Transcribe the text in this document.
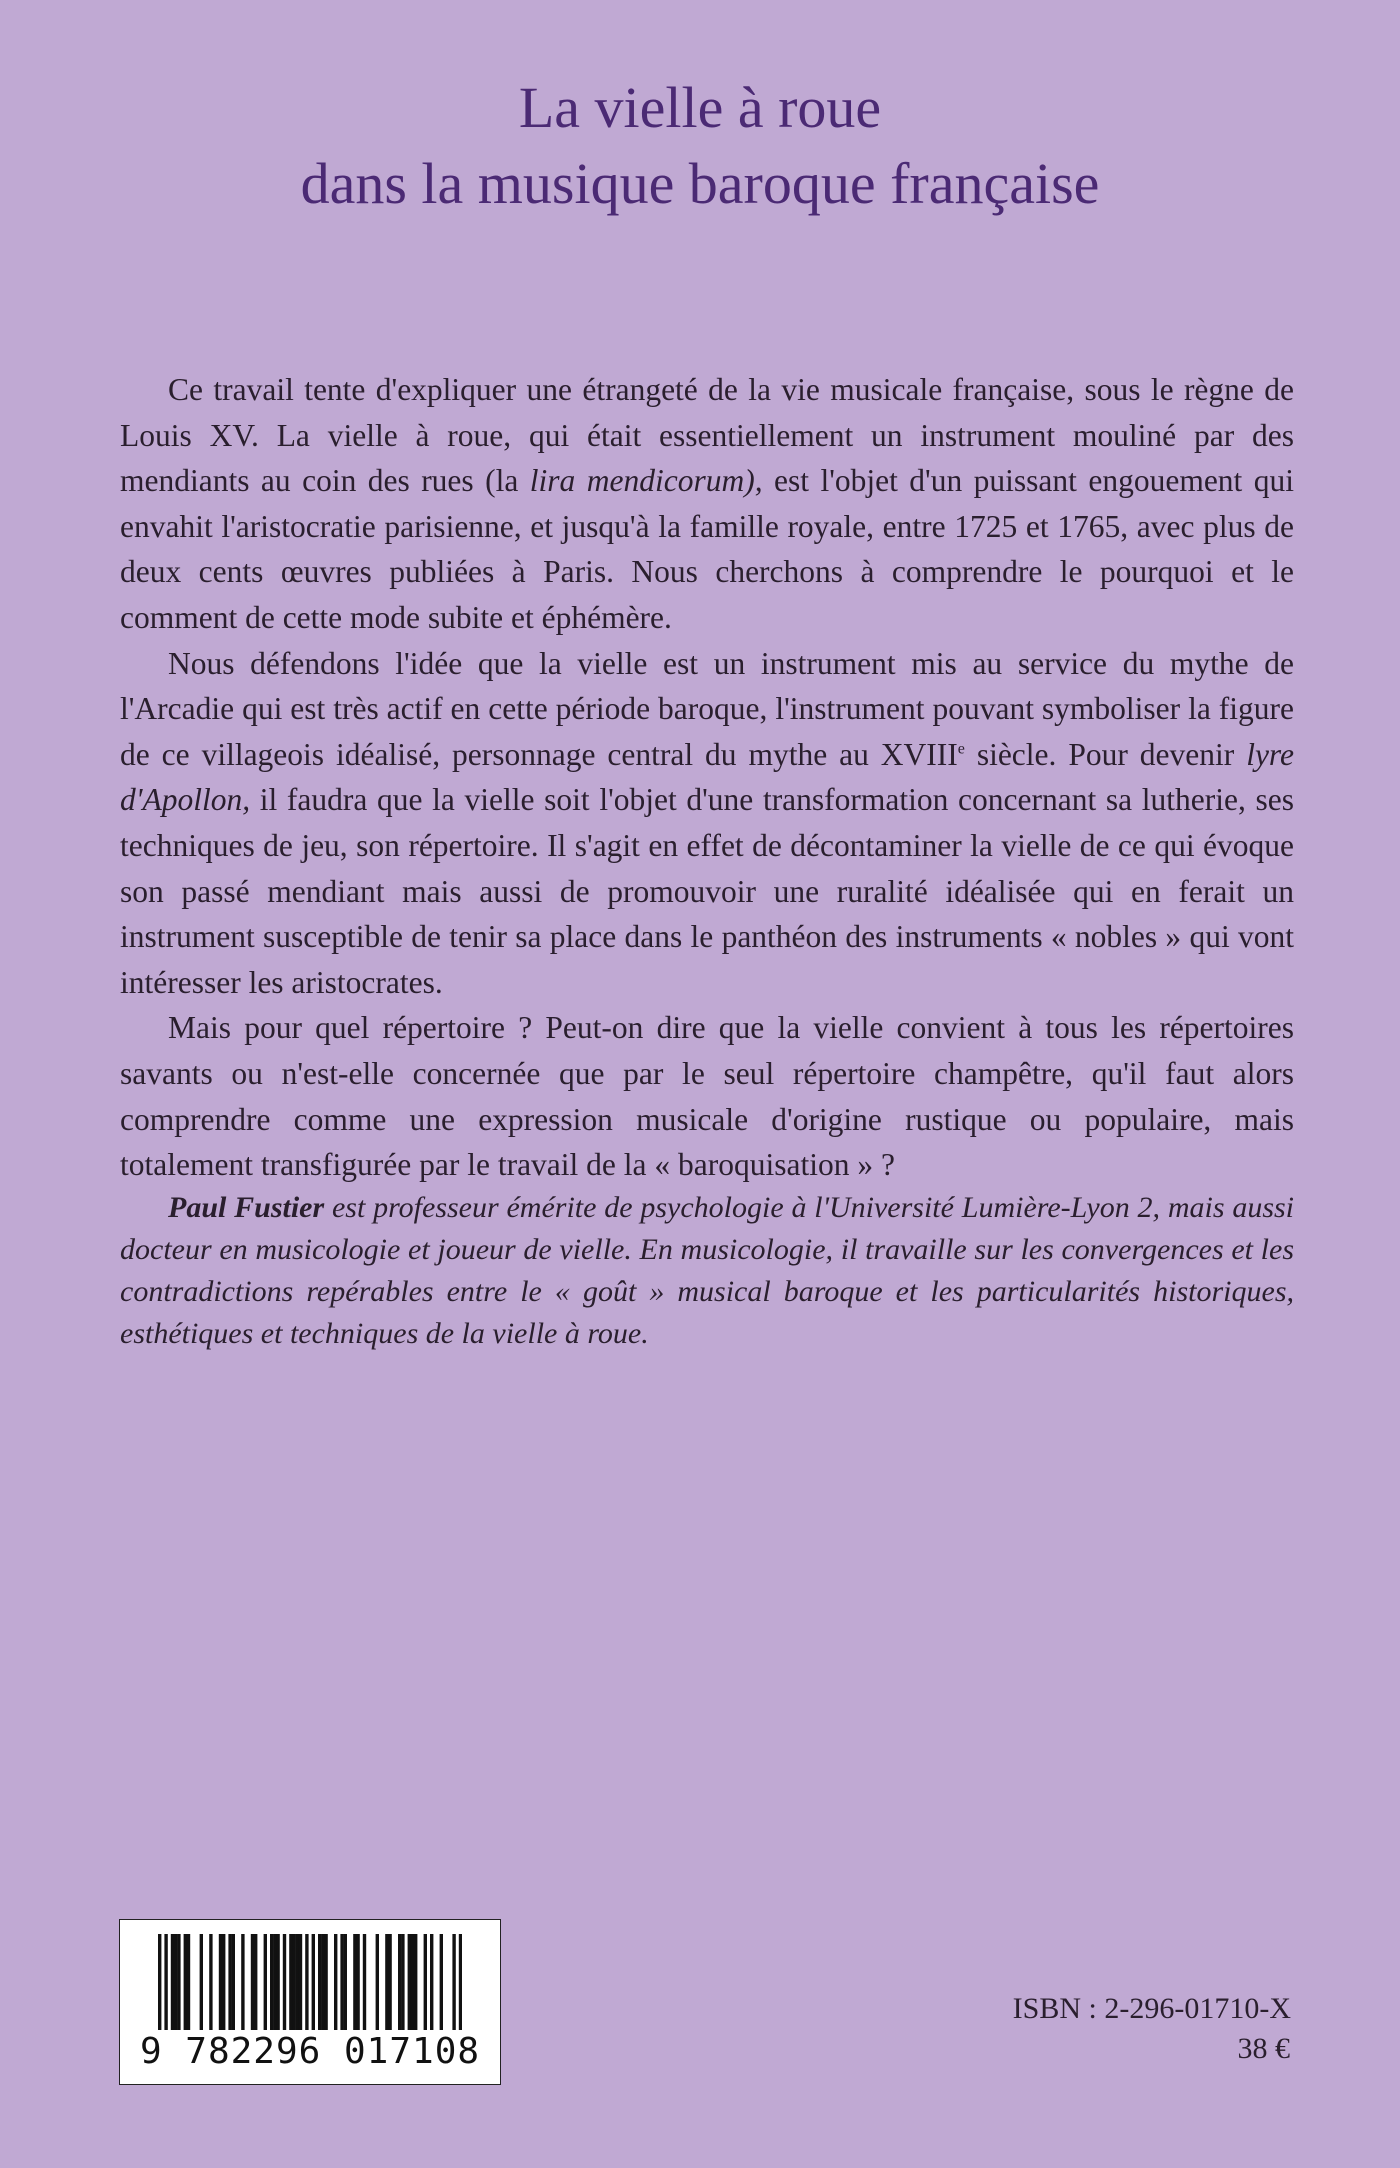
La vielle à roue
dans la musique baroque française

Ce travail tente d'expliquer une étrangeté de la vie musicale française, sous le règne de Louis XV. La vielle à roue, qui était essentiellement un instrument mouliné par des mendiants au coin des rues (la lira mendicorum), est l'objet d'un puissant engouement qui envahit l'aristocratie parisienne, et jusqu'à la famille royale, entre 1725 et 1765, avec plus de deux cents œuvres publiées à Paris. Nous cherchons à comprendre le pourquoi et le comment de cette mode subite et éphémère.

Nous défendons l'idée que la vielle est un instrument mis au service du mythe de l'Arcadie qui est très actif en cette période baroque, l'instrument pouvant symboliser la figure de ce villageois idéalisé, personnage central du mythe au XVIIIe siècle. Pour devenir lyre d'Apollon, il faudra que la vielle soit l'objet d'une transformation concernant sa lutherie, ses techniques de jeu, son répertoire. Il s'agit en effet de décontaminer la vielle de ce qui évoque son passé mendiant mais aussi de promouvoir une ruralité idéalisée qui en ferait un instrument susceptible de tenir sa place dans le panthéon des instruments « nobles » qui vont intéresser les aristocrates.

Mais pour quel répertoire ? Peut-on dire que la vielle convient à tous les répertoires savants ou n'est-elle concernée que par le seul répertoire champêtre, qu'il faut alors comprendre comme une expression musicale d'origine rustique ou populaire, mais totalement transfigurée par le travail de la « baroquisation » ?

Paul Fustier est professeur émérite de psychologie à l'Université Lumière-Lyon 2, mais aussi docteur en musicologie et joueur de vielle. En musicologie, il travaille sur les convergences et les contradictions repérables entre le « goût » musical baroque et les particularités historiques, esthétiques et techniques de la vielle à roue.

9 782296 017108

ISBN : 2-296-01710-X

38 €
